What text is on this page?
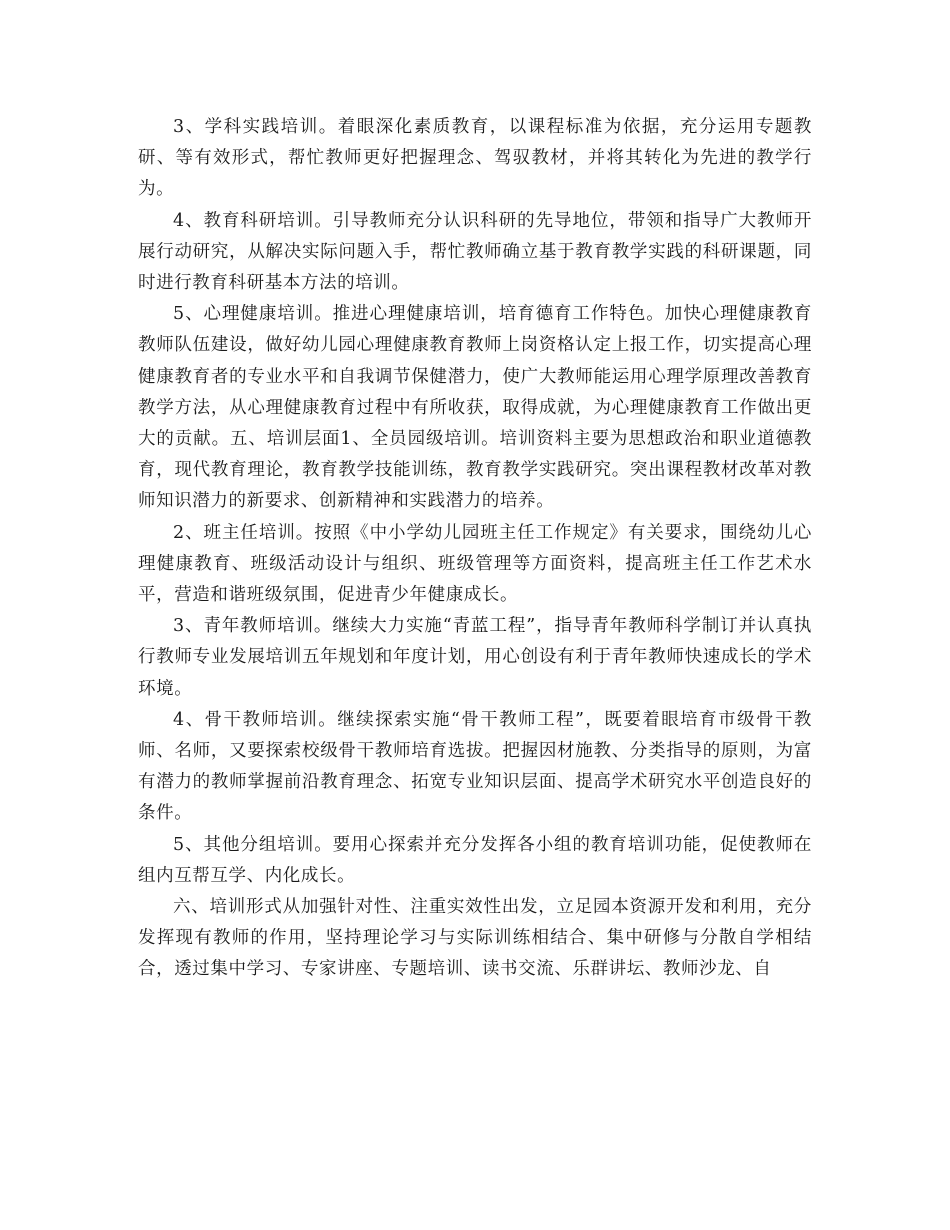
3、学科实践培训。着眼深化素质教育，以课程标准为依据，充分运用专题教研、等有效形式，帮忙教师更好把握理念、驾驭教材，并将其转化为先进的教学行为。

4、教育科研培训。引导教师充分认识科研的先导地位，带领和指导广大教师开展行动研究，从解决实际问题入手，帮忙教师确立基于教育教学实践的科研课题，同时进行教育科研基本方法的培训。

5、心理健康培训。推进心理健康培训，培育德育工作特色。加快心理健康教育教师队伍建设，做好幼儿园心理健康教育教师上岗资格认定上报工作，切实提高心理健康教育者的专业水平和自我调节保健潜力，使广大教师能运用心理学原理改善教育教学方法，从心理健康教育过程中有所收获，取得成就，为心理健康教育工作做出更大的贡献。五、培训层面1、全员园级培训。培训资料主要为思想政治和职业道德教育，现代教育理论，教育教学技能训练，教育教学实践研究。突出课程教材改革对教师知识潜力的新要求、创新精神和实践潜力的培养。

2、班主任培训。按照《中小学幼儿园班主任工作规定》有关要求，围绕幼儿心理健康教育、班级活动设计与组织、班级管理等方面资料，提高班主任工作艺术水平，营造和谐班级氛围，促进青少年健康成长。

3、青年教师培训。继续大力实施“青蓝工程”，指导青年教师科学制订并认真执行教师专业发展培训五年规划和年度计划，用心创设有利于青年教师快速成长的学术环境。

4、骨干教师培训。继续探索实施“骨干教师工程”，既要着眼培育市级骨干教师、名师，又要探索校级骨干教师培育选拔。把握因材施教、分类指导的原则，为富有潜力的教师掌握前沿教育理念、拓宽专业知识层面、提高学术研究水平创造良好的条件。

5、其他分组培训。要用心探索并充分发挥各小组的教育培训功能，促使教师在组内互帮互学、内化成长。

六、培训形式从加强针对性、注重实效性出发，立足园本资源开发和利用，充分发挥现有教师的作用，坚持理论学习与实际训练相结合、集中研修与分散自学相结合，透过集中学习、专家讲座、专题培训、读书交流、乐群讲坛、教师沙龙、自
